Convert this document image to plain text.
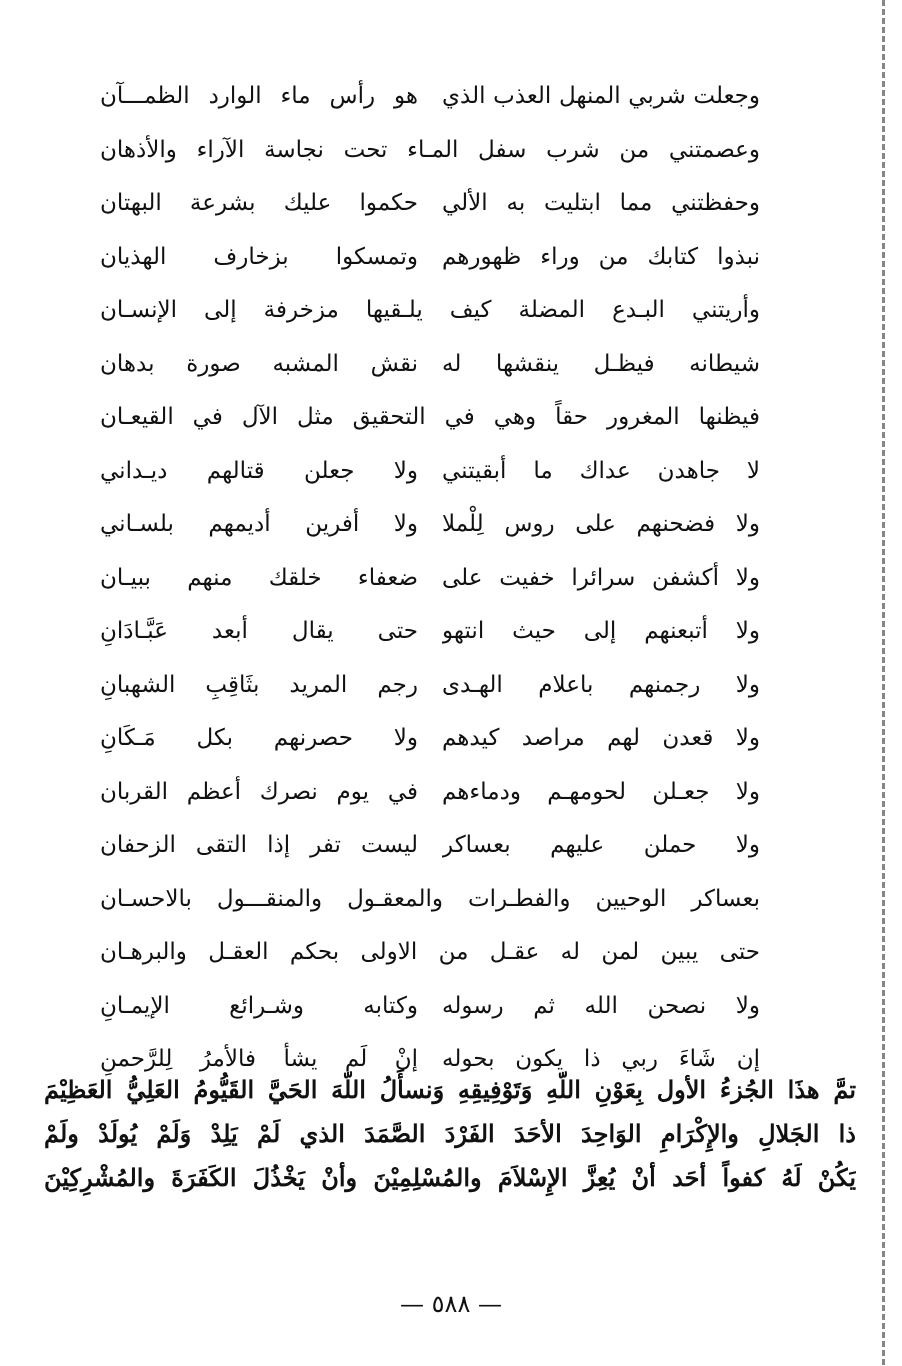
وجعلت شربي المنهل العذب الذي
هو رأس ماء الوارد الظمـــآن
وعصمتني من شرب سفل المـاء تحت نجاسة الآراء والأذهان
وحفظتني مما ابتليت به الألي
حكموا عليك بشرعة البهتان
نبذوا كتابك من وراء ظهورهم
وتمسكوا بزخارف الهذيان
وأريتني البـدع المضلة كيف يلـقيها مزخرفة إلى الإنسـان
شيطانه فيظـل ينقشها له
نقش المشبه صورة بدهان
فيظنها المغرور حقاً وهي في التحقيق مثل الآل في القيعـان
لا جاهدن عداك ما أبقيتني
ولا جعلن قتالهم ديـداني
ولا فضحنهم على روس لِلْملا
ولا أفرين أديمهم بلسـاني
ولا أكشفن سرائرا خفيت على
ضعفاء خلقك منهم ببيـان
ولا أتبعنهم إلى حيث انتهو
حتى يقال أبعد عَبَّـادَانِ
ولا رجمنهم باعلام الهـدى
رجم المريد بثَاقِبِ الشهبانِ
ولا قعدن لهم مراصد كيدهم
ولا حصرنهم بكل مَـكَانِ
ولا جعـلن لحومهـم ودماءهم
في يوم نصرك أعظم القربان
ولا حملن عليهم بعساكر
ليست تفر إذا التقى الزحفان
بعساكر الوحيين والفطـرات والمعقـول والمنقـــول بالاحسـان
حتى يبين لمن له عقـل من الاولى بحكم العقـل والبرهـان
ولا نصحن الله ثم رسوله
وكتابه وشـرائع الإيمـانِ
إن شَاءَ ربي ذا يكون بحوله
إنْ لَم يشأ فالأمرُ لِلرَّحمنِ
تمَّ هذَا الجُزءُ الأول بِعَوْنِ اللّهِ وَتَوْفِيقِهِ وَنسأَلُ اللّهَ الحَيَّ القَيُّومُ العَلِيُّ العَظِيْمَ
ذا الجَلالِ والإِكْرَامِ الوَاحِدَ الأحَدَ الفَرْدَ الصَّمَدَ الذي لَمْ يَلِدْ وَلَمْ يُولَدْ ولَمْ
يَكُنْ لَهُ كفواً أحَد أنْ يُعِزَّ الإِسْلاَمَ والمُسْلِمِيْنَ وأنْ يَخْذُلَ الكَفَرَةَ والمُشْرِكِيْنَ
— ٥٨٨ —
